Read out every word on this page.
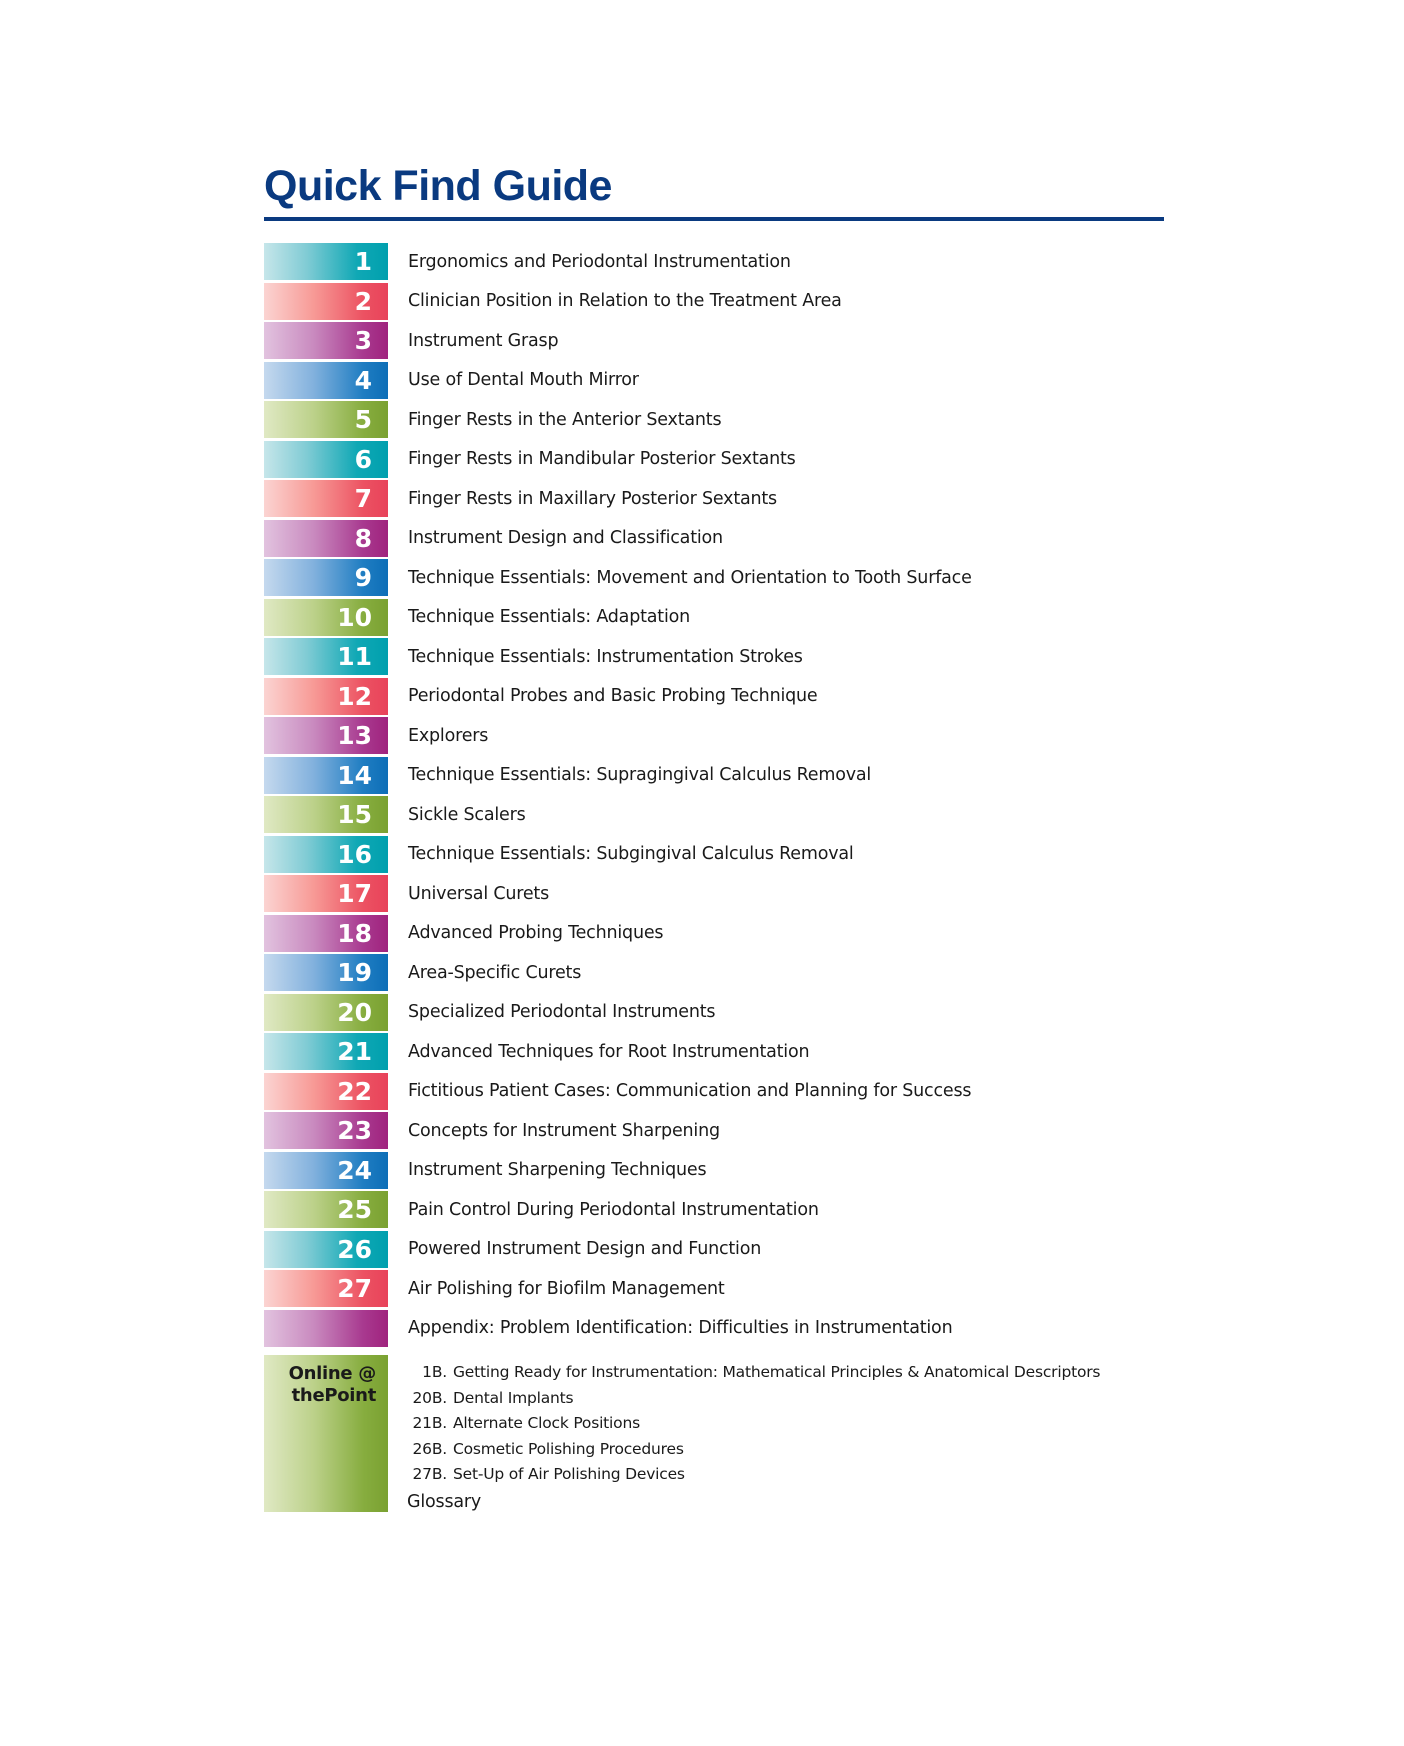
Quick Find Guide
1	Ergonomics and Periodontal Instrumentation
2	Clinician Position in Relation to the Treatment Area
3	Instrument Grasp
4	Use of Dental Mouth Mirror
5	Finger Rests in the Anterior Sextants
6	Finger Rests in Mandibular Posterior Sextants
7	Finger Rests in Maxillary Posterior Sextants
8	Instrument Design and Classification
9	Technique Essentials: Movement and Orientation to Tooth Surface
10	Technique Essentials: Adaptation
11	Technique Essentials: Instrumentation Strokes
12	Periodontal Probes and Basic Probing Technique
13	Explorers
14	Technique Essentials: Supragingival Calculus Removal
15	Sickle Scalers
16	Technique Essentials: Subgingival Calculus Removal
17	Universal Curets
18	Advanced Probing Techniques
19	Area-Specific Curets
20	Specialized Periodontal Instruments
21	Advanced Techniques for Root Instrumentation
22	Fictitious Patient Cases: Communication and Planning for Success
23	Concepts for Instrument Sharpening
24	Instrument Sharpening Techniques
25	Pain Control During Periodontal Instrumentation
26	Powered Instrument Design and Function
27	Air Polishing for Biofilm Management
Appendix: Problem Identification: Difficulties in Instrumentation
Online @
thePoint
1B. Getting Ready for Instrumentation: Mathematical Principles & Anatomical Descriptors
20B. Dental Implants
21B. Alternate Clock Positions
26B. Cosmetic Polishing Procedures
27B. Set-Up of Air Polishing Devices
Glossary
